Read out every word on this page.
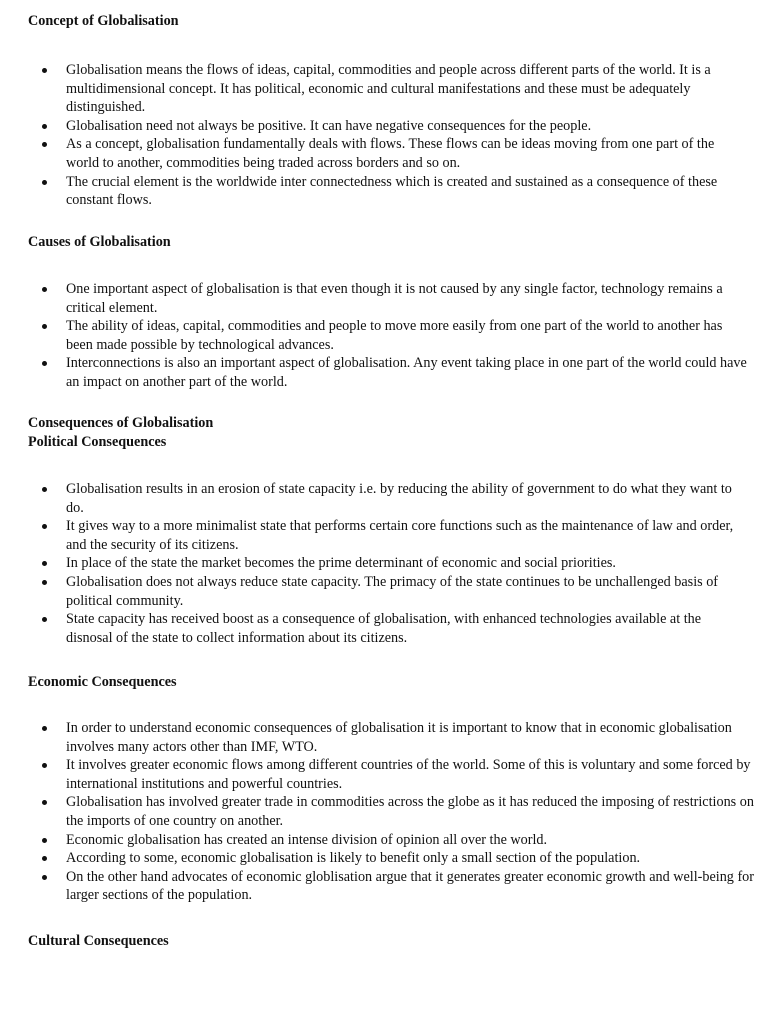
Concept of Globalisation
Globalisation means the flows of ideas, capital, commodities and people across different parts of the world. It is a multidimensional concept. It has political, economic and cultural manifestations and these must be adequately distinguished.
Globalisation need not always be positive. It can have negative consequences for the people.
As a concept, globalisation fundamentally deals with flows. These flows can be ideas moving from one part of the world to another, commodities being traded across borders and so on.
The crucial element is the worldwide inter connectedness which is created and sustained as a consequence of these constant flows.
Causes of Globalisation
One important aspect of globalisation is that even though it is not caused by any single factor, technology remains a critical element.
The ability of ideas, capital, commodities and people to move more easily from one part of the world to another has been made possible by technological advances.
Interconnections is also an important aspect of globalisation. Any event taking place in one part of the world could have an impact on another part of the world.
Consequences of Globalisation
Political Consequences
Globalisation results in an erosion of state capacity i.e. by reducing the ability of government to do what they want to do.
It gives way to a more minimalist state that performs certain core functions such as the maintenance of law and order, and the security of its citizens.
In place of the state the market becomes the prime determinant of economic and social priorities.
Globalisation does not always reduce state capacity. The primacy of the state continues to be unchallenged basis of political community.
State capacity has received boost as a consequence of globalisation, with enhanced technologies available at the disnosal of the state to collect information about its citizens.
Economic Consequences
In order to understand economic consequences of globalisation it is important to know that in economic globalisation involves many actors other than IMF, WTO.
It involves greater economic flows among different countries of the world. Some of this is voluntary and some forced by international institutions and powerful countries.
Globalisation has involved greater trade in commodities across the globe as it has reduced the imposing of restrictions on the imports of one country on another.
Economic globalisation has created an intense division of opinion all over the world.
According to some, economic globalisation is likely to benefit only a small section of the population.
On the other hand advocates of economic globlisation argue that it generates greater economic growth and well-being for larger sections of the population.
Cultural Consequences
